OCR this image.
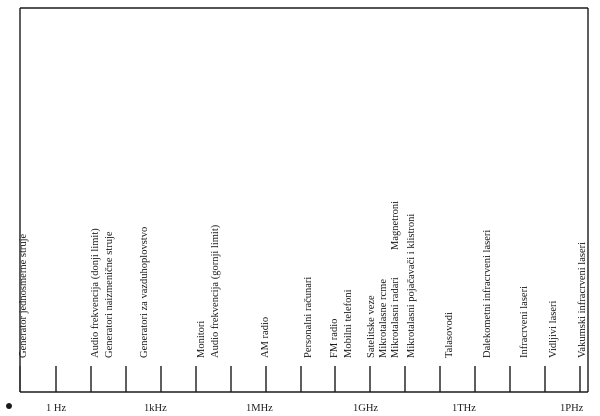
1 Hz	1kHz	1MHz	1GHz	1THz	1PHz
Generator jednosmerne struje	Audio frekvencija (donji limit) Generatori naizmenične struje Generatori za vazduhoplovstvo	Monitori Audio frekvencija (gornji limit)	AM radio	Personalni računari FM radio Mobilni telefoni Satelitske veze Mikrotalasne rcme Mikrotalasni radari
Magnetroni Mikrotalasni pojačavači i klistroni	Talasovodi	Dalekometni infracrveni laseri Infracrveni laseri Vidljivi laseri Vakumski infracrveni laseri
